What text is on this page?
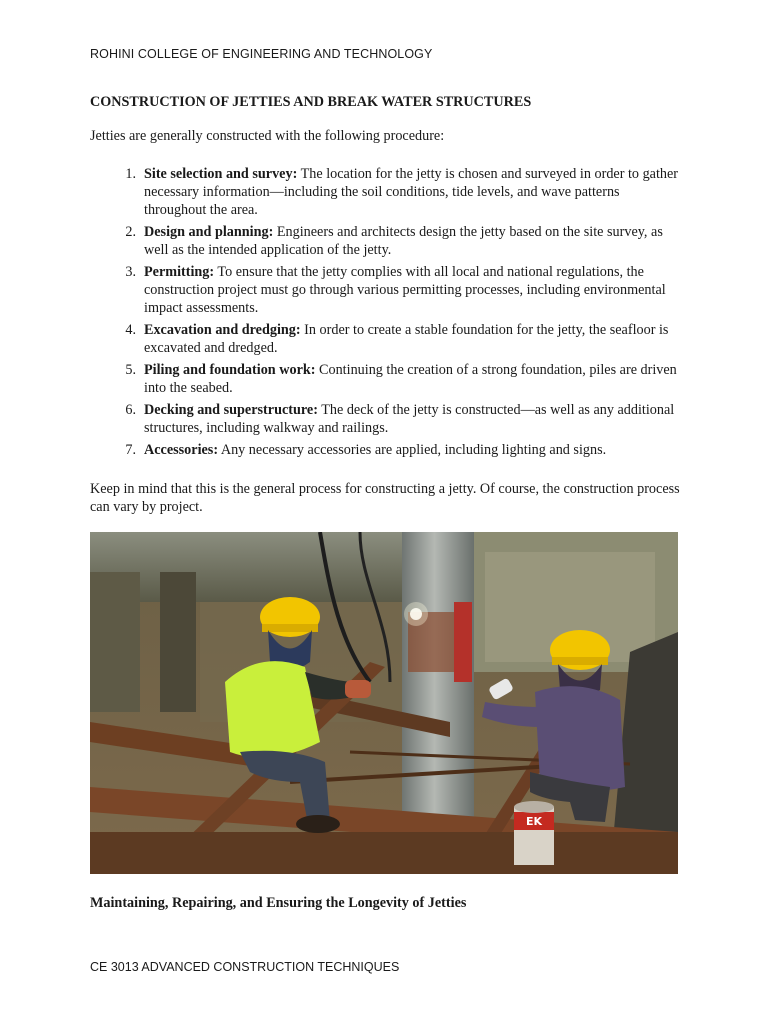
ROHINI COLLEGE OF ENGINEERING AND TECHNOLOGY
CONSTRUCTION OF JETTIES AND BREAK WATER STRUCTURES

Jetties are generally constructed with the following procedure:

1. Site selection and survey: The location for the jetty is chosen and surveyed in order to gather necessary information—including the soil conditions, tide levels, and wave patterns throughout the area.
2. Design and planning: Engineers and architects design the jetty based on the site survey, as well as the intended application of the jetty.
3. Permitting: To ensure that the jetty complies with all local and national regulations, the construction project must go through various permitting processes, including environmental impact assessments.
4. Excavation and dredging: In order to create a stable foundation for the jetty, the seafloor is excavated and dredged.
5. Piling and foundation work: Continuing the creation of a strong foundation, piles are driven into the seabed.
6. Decking and superstructure: The deck of the jetty is constructed—as well as any additional structures, including walkway and railings.
7. Accessories: Any necessary accessories are applied, including lighting and signs.

Keep in mind that this is the general process for constructing a jetty. Of course, the construction process can vary by project.

EK

Maintaining, Repairing, and Ensuring the Longevity of Jetties

CE 3013 ADVANCED CONSTRUCTION TECHNIQUES
